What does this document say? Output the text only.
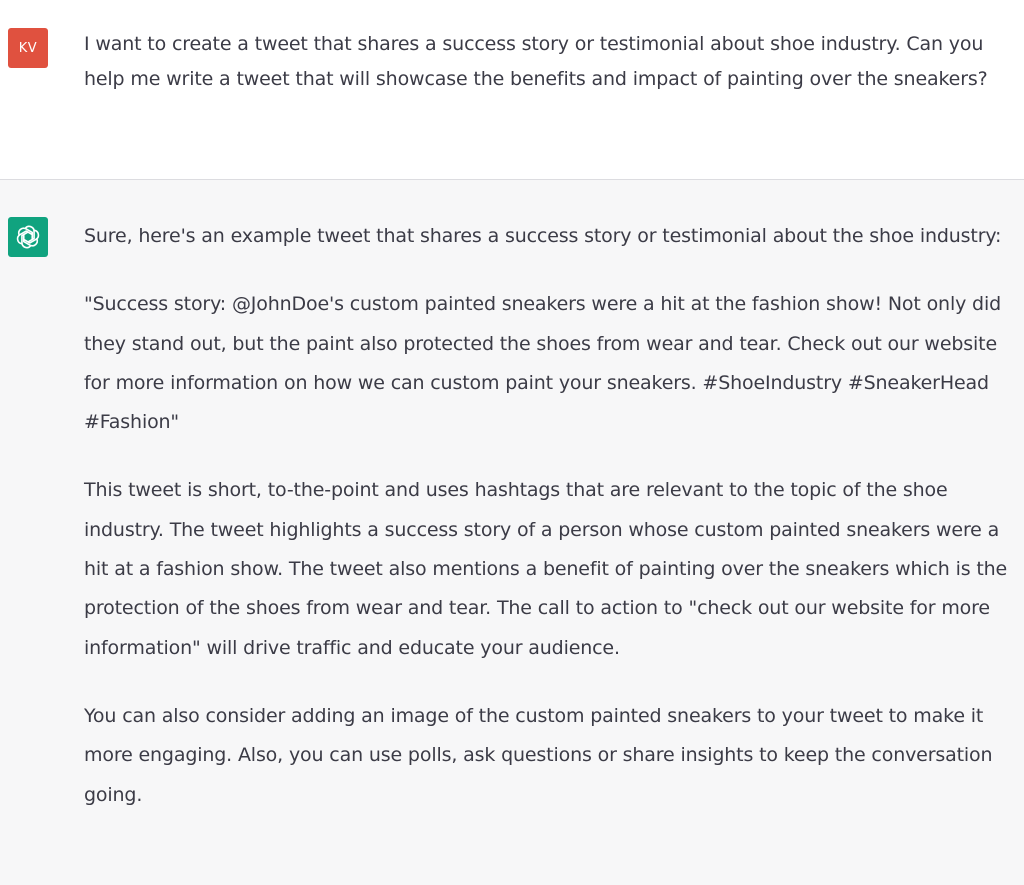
KV	I want to create a tweet that shares a success story or testimonial about shoe industry. Can you help me write a tweet that will showcase the benefits and impact of painting over the sneakers?

Sure, here's an example tweet that shares a success story or testimonial about the shoe industry:

"Success story: @JohnDoe's custom painted sneakers were a hit at the fashion show! Not only did they stand out, but the paint also protected the shoes from wear and tear. Check out our website for more information on how we can custom paint your sneakers. #ShoeIndustry #SneakerHead #Fashion"

This tweet is short, to-the-point and uses hashtags that are relevant to the topic of the shoe industry. The tweet highlights a success story of a person whose custom painted sneakers were a hit at a fashion show. The tweet also mentions a benefit of painting over the sneakers which is the protection of the shoes from wear and tear. The call to action to "check out our website for more information" will drive traffic and educate your audience.

You can also consider adding an image of the custom painted sneakers to your tweet to make it more engaging. Also, you can use polls, ask questions or share insights to keep the conversation going.
